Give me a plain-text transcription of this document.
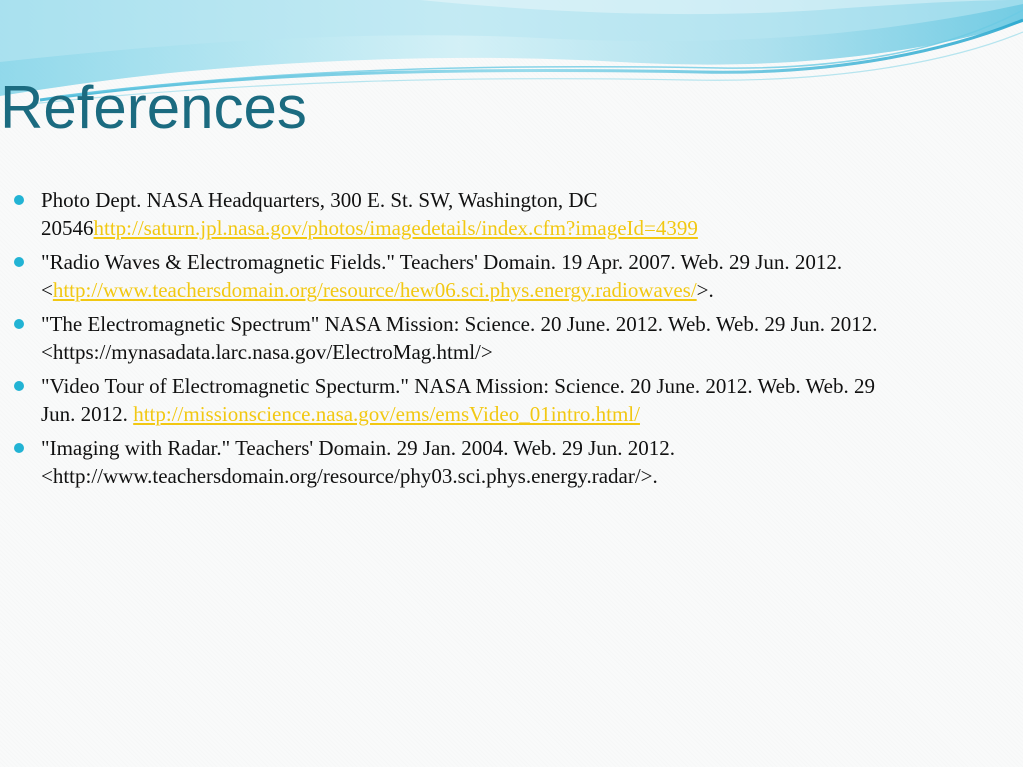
References
Photo Dept. NASA Headquarters, 300 E. St. SW, Washington, DC 20546http://saturn.jpl.nasa.gov/photos/imagedetails/index.cfm?imageId=4399
"Radio Waves & Electromagnetic Fields." Teachers' Domain. 19 Apr. 2007. Web. 29 Jun. 2012. <http://www.teachersdomain.org/resource/hew06.sci.phys.energy.radiowaves/>.
"The Electromagnetic Spectrum" NASA Mission: Science. 20 June. 2012. Web. Web. 29 Jun. 2012. <https://mynasadata.larc.nasa.gov/ElectroMag.html/>
"Video Tour of Electromagnetic Specturm." NASA Mission: Science. 20 June. 2012. Web. Web. 29 Jun. 2012. http://missionscience.nasa.gov/ems/emsVideo_01intro.html/
"Imaging with Radar." Teachers' Domain. 29 Jan. 2004. Web. 29 Jun. 2012. <http://www.teachersdomain.org/resource/phy03.sci.phys.energy.radar/>.
